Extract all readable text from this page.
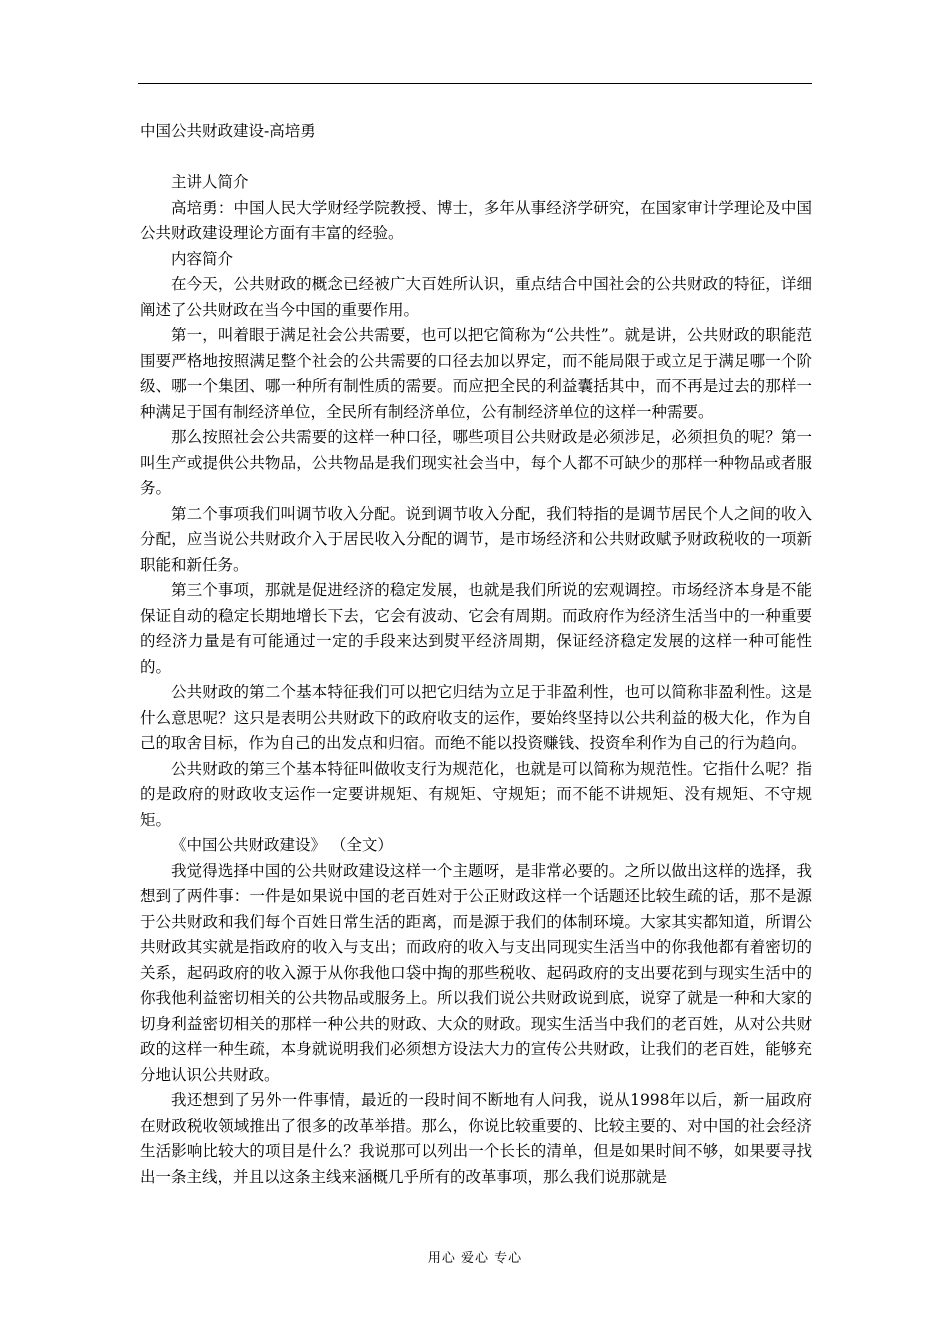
中国公共财政建设-高培勇

主讲人简介

高培勇：中国人民大学财经学院教授、博士，多年从事经济学研究，在国家审计学理论及中国公共财政建设理论方面有丰富的经验。

内容简介

在今天，公共财政的概念已经被广大百姓所认识，重点结合中国社会的公共财政的特征，详细阐述了公共财政在当今中国的重要作用。

第一，叫着眼于满足社会公共需要，也可以把它简称为“公共性”。就是讲，公共财政的职能范围要严格地按照满足整个社会的公共需要的口径去加以界定，而不能局限于或立足于满足哪一个阶级、哪一个集团、哪一种所有制性质的需要。而应把全民的利益囊括其中，而不再是过去的那样一种满足于国有制经济单位，全民所有制经济单位，公有制经济单位的这样一种需要。

那么按照社会公共需要的这样一种口径，哪些项目公共财政是必须涉足，必须担负的呢？第一叫生产或提供公共物品，公共物品是我们现实社会当中，每个人都不可缺少的那样一种物品或者服务。

第二个事项我们叫调节收入分配。说到调节收入分配，我们特指的是调节居民个人之间的收入分配，应当说公共财政介入于居民收入分配的调节，是市场经济和公共财政赋予财政税收的一项新职能和新任务。

第三个事项，那就是促进经济的稳定发展，也就是我们所说的宏观调控。市场经济本身是不能保证自动的稳定长期地增长下去，它会有波动、它会有周期。而政府作为经济生活当中的一种重要的经济力量是有可能通过一定的手段来达到熨平经济周期，保证经济稳定发展的这样一种可能性的。

公共财政的第二个基本特征我们可以把它归结为立足于非盈利性，也可以简称非盈利性。这是什么意思呢？这只是表明公共财政下的政府收支的运作，要始终坚持以公共利益的极大化，作为自己的取舍目标，作为自己的出发点和归宿。而绝不能以投资赚钱、投资牟利作为自己的行为趋向。

公共财政的第三个基本特征叫做收支行为规范化，也就是可以简称为规范性。它指什么呢？指的是政府的财政收支运作一定要讲规矩、有规矩、守规矩；而不能不讲规矩、没有规矩、不守规矩。

《中国公共财政建设》 （全文）

我觉得选择中国的公共财政建设这样一个主题呀，是非常必要的。之所以做出这样的选择，我想到了两件事：一件是如果说中国的老百姓对于公正财政这样一个话题还比较生疏的话，那不是源于公共财政和我们每个百姓日常生活的距离，而是源于我们的体制环境。大家其实都知道，所谓公共财政其实就是指政府的收入与支出；而政府的收入与支出同现实生活当中的你我他都有着密切的关系，起码政府的收入源于从你我他口袋中掏的那些税收、起码政府的支出要花到与现实生活中的你我他利益密切相关的公共物品或服务上。所以我们说公共财政说到底，说穿了就是一种和大家的切身利益密切相关的那样一种公共的财政、大众的财政。现实生活当中我们的老百姓，从对公共财政的这样一种生疏，本身就说明我们必须想方设法大力的宣传公共财政，让我们的老百姓，能够充分地认识公共财政。

我还想到了另外一件事情，最近的一段时间不断地有人问我，说从1998年以后，新一届政府在财政税收领域推出了很多的改革举措。那么，你说比较重要的、比较主要的、对中国的社会经济生活影响比较大的项目是什么？我说那可以列出一个长长的清单，但是如果时间不够，如果要寻找出一条主线，并且以这条主线来涵概几乎所有的改革事项，那么我们说那就是

用心 爱心 专心
